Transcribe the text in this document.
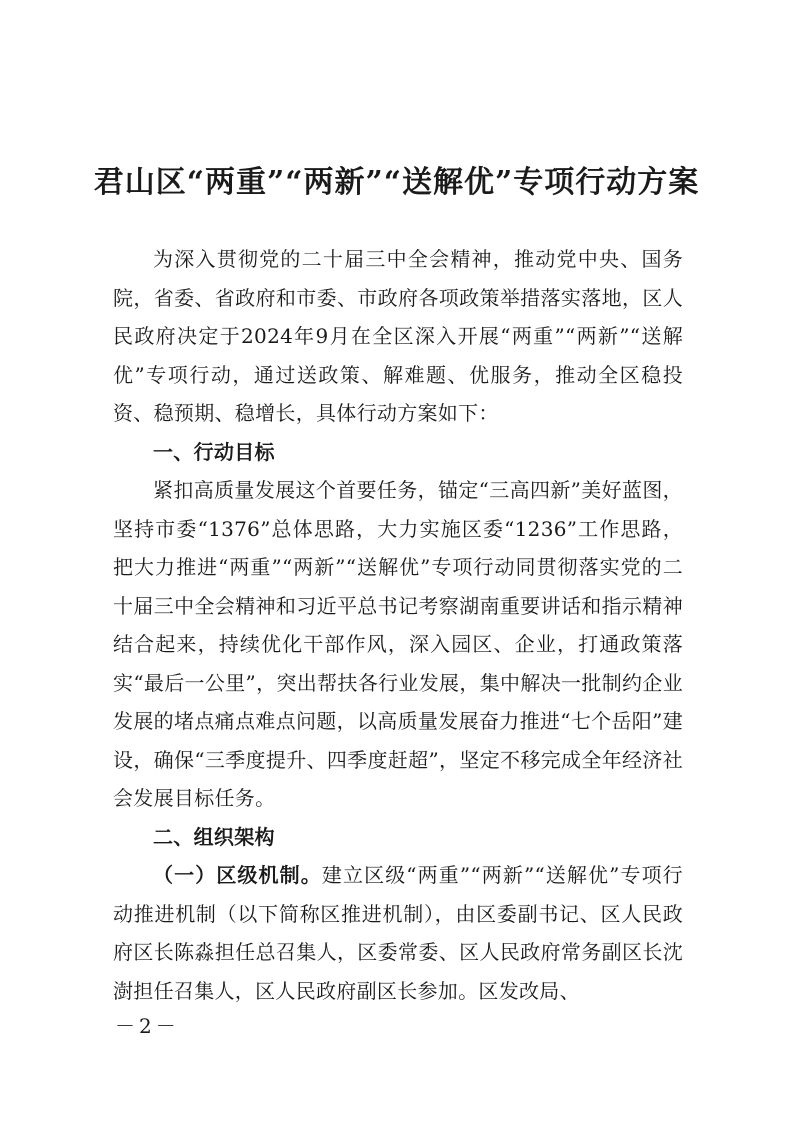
君山区“两重”“两新”“送解优”专项行动方案

为深入贯彻党的二十届三中全会精神，推动党中央、国务院，省委、省政府和市委、市政府各项政策举措落实落地，区人民政府决定于2024年9月在全区深入开展“两重”“两新”“送解优”专项行动，通过送政策、解难题、优服务，推动全区稳投资、稳预期、稳增长，具体行动方案如下：

一、行动目标

紧扣高质量发展这个首要任务，锚定“三高四新”美好蓝图，坚持市委“1376”总体思路，大力实施区委“1236”工作思路，把大力推进“两重”“两新”“送解优”专项行动同贯彻落实党的二十届三中全会精神和习近平总书记考察湖南重要讲话和指示精神结合起来，持续优化干部作风，深入园区、企业，打通政策落实“最后一公里”，突出帮扶各行业发展，集中解决一批制约企业发展的堵点痛点难点问题，以高质量发展奋力推进“七个岳阳”建设，确保“三季度提升、四季度赶超”，坚定不移完成全年经济社会发展目标任务。

二、组织架构

（一）区级机制。建立区级“两重”“两新”“送解优”专项行动推进机制（以下简称区推进机制），由区委副书记、区人民政府区长陈淼担任总召集人，区委常委、区人民政府常务副区长沈澍担任召集人，区人民政府副区长参加。区发改局、

－2－
